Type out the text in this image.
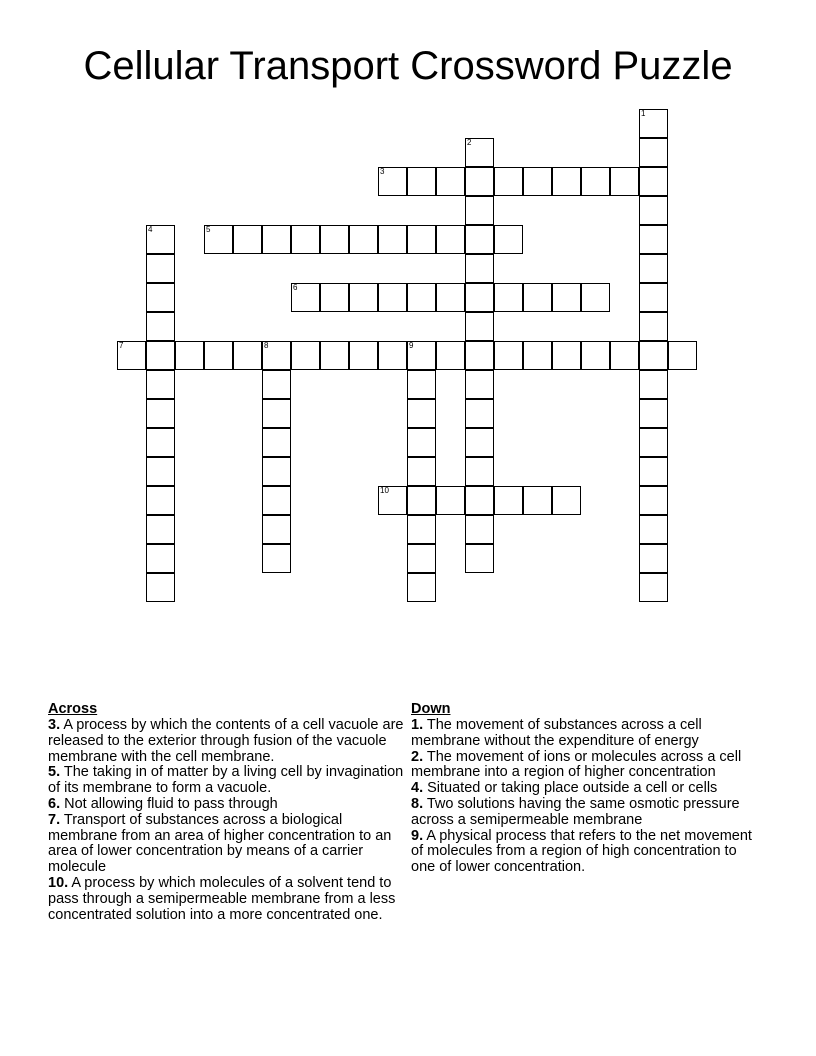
Cellular Transport Crossword Puzzle
1
2
3
4	5
6
7	8	9
10
Across

3. A process by which the contents of a cell vacuole are released to the exterior through fusion of the vacuole membrane with the cell membrane.

5. The taking in of matter by a living cell by invagination of its membrane to form a vacuole.

6. Not allowing fluid to pass through

7. Transport of substances across a biological membrane from an area of higher concentration to an area of lower concentration by means of a carrier molecule

10. A process by which molecules of a solvent tend to pass through a semipermeable membrane from a less concentrated solution into a more concentrated one.

Down

1. The movement of substances across a cell membrane without the expenditure of energy

2. The movement of ions or molecules across a cell membrane into a region of higher concentration

4. Situated or taking place outside a cell or cells

8. Two solutions having the same osmotic pressure across a semipermeable membrane

9. A physical process that refers to the net movement of molecules from a region of high concentration to one of lower concentration.
